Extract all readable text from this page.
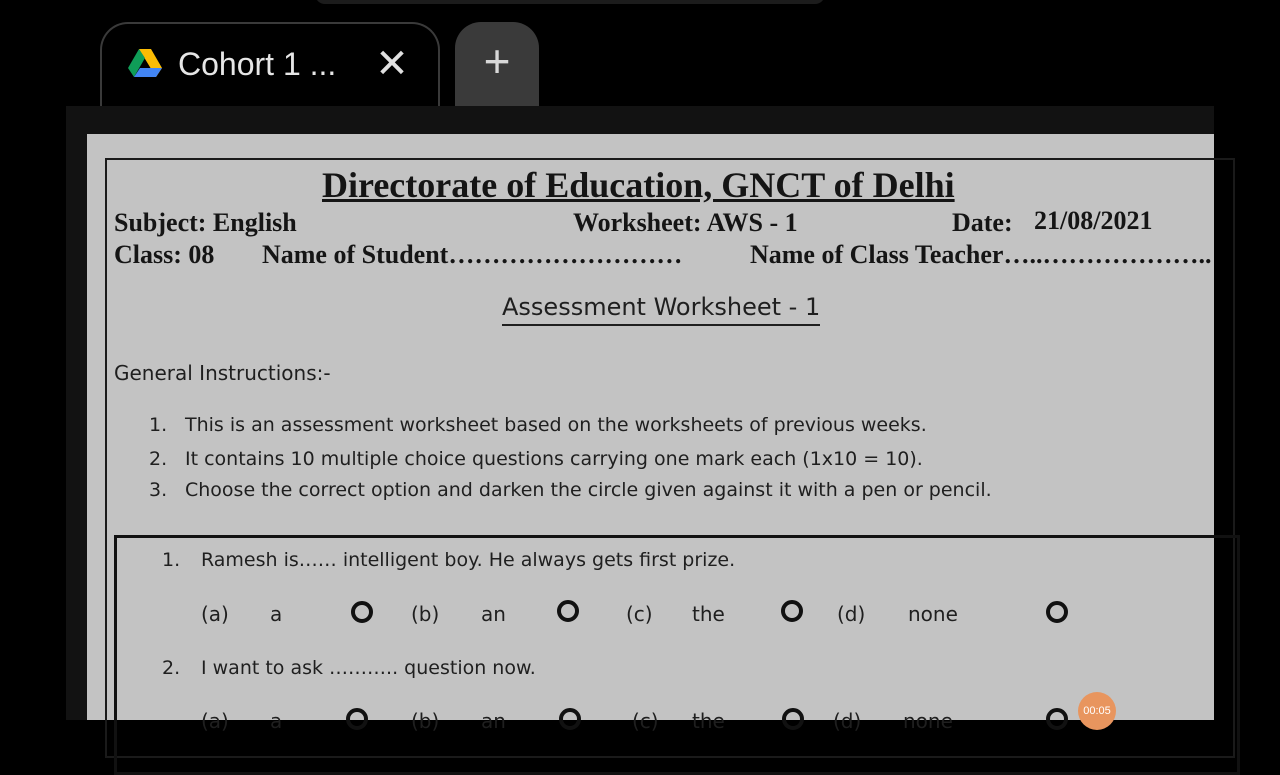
Cohort 1 ... ✕	+
Directorate of Education, GNCT of Delhi
Subject: English	Worksheet: AWS - 1	Date: 21/08/2021
Class: 08 Name of Student………………………	Name of Class Teacher…..………………..
Assessment Worksheet - 1
General Instructions:-
1. This is an assessment worksheet based on the worksheets of previous weeks.
2. It contains 10 multiple choice questions carrying one mark each (1x10 = 10).
3. Choose the correct option and darken the circle given against it with a pen or pencil.
1. Ramesh is…… intelligent boy. He always gets first prize.
(a) a	(b) an	(c) the	(d) none
2. I want to ask ……….. question now.
(a) a	(b) an	(c) the	(d) none	00:05
